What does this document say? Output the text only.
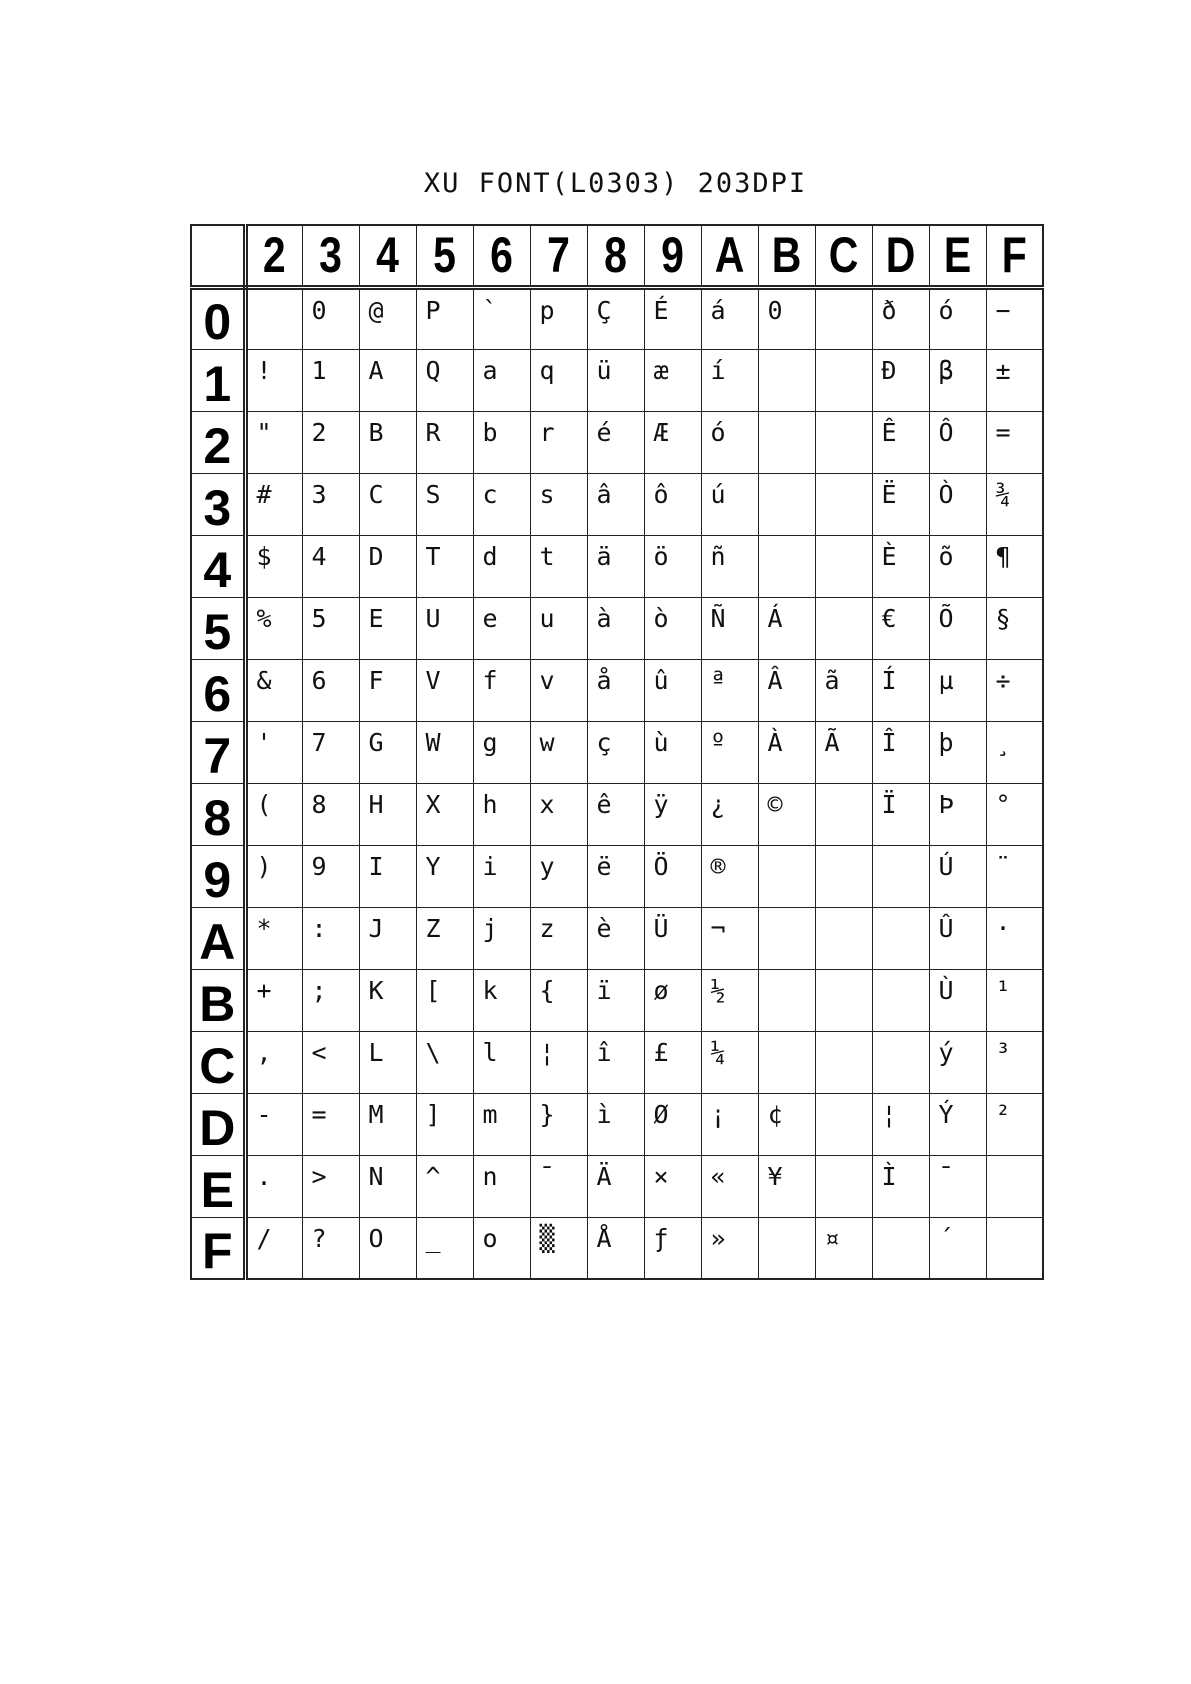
XU FONT(L0303) 203DPI
	2	3	4	5	6	7	8	9	A	B	C	D	E	F
0		0	@	P	`	p	Ç	É	á	0		ð	ó	−
1	!	1	A	Q	a	q	ü	æ	í			Ð	β	±
2	"	2	B	R	b	r	é	Æ	ó			Ê	Ô	=
3	#	3	C	S	c	s	â	ô	ú			Ë	Ò	¾
4	$	4	D	T	d	t	ä	ö	ñ			È	õ	¶
5	%	5	E	U	e	u	à	ò	Ñ	Á		€	Õ	§
6	&	6	F	V	f	v	å	û	ª	Â	ã	Í	µ	÷
7	'	7	G	W	g	w	ç	ù	º	À	Ã	Î	þ	¸
8	(	8	H	X	h	x	ê	ÿ	¿	©		Ï	Þ	°
9	)	9	I	Y	i	y	ë	Ö	®				Ú	¨
A	*	:	J	Z	j	z	è	Ü	¬				Û	·
B	+	;	K	[	k	{	ï	ø	½				Ù	¹
C	,	<	L	\	l	¦	î	£	¼				ý	³
D	-	=	M	]	m	}	ì	Ø	¡	¢		¦	Ý	²
E	.	>	N	^	n	¯	Ä	×	«	¥		Ì	¯	
F	/	?	O	_	o	▒	Å	ƒ	»		¤		´	
